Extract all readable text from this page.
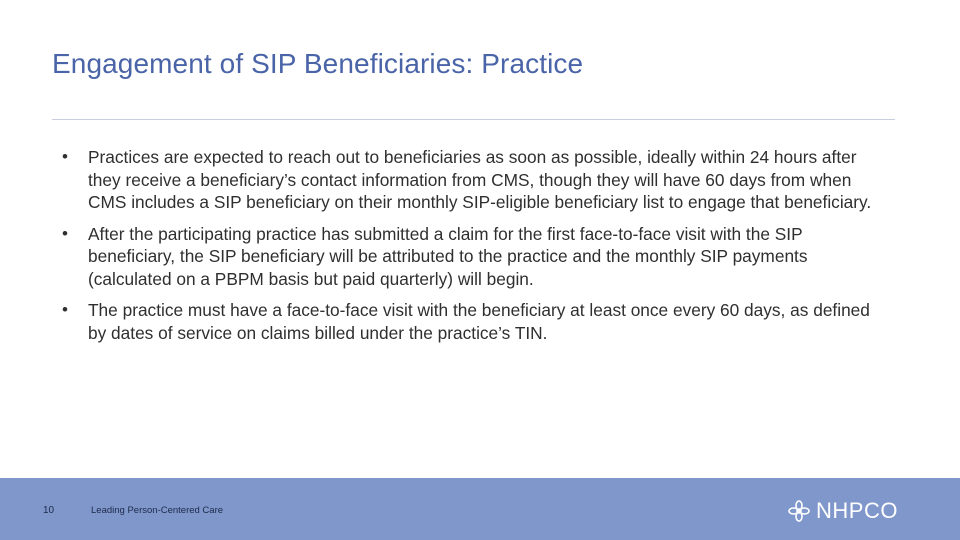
Engagement of SIP Beneficiaries: Practice
• Practices are expected to reach out to beneficiaries as soon as possible, ideally within 24 hours after they receive a beneficiary’s contact information from CMS, though they will have 60 days from when CMS includes a SIP beneficiary on their monthly SIP-eligible beneficiary list to engage that beneficiary.
• After the participating practice has submitted a claim for the first face-to-face visit with the SIP beneficiary, the SIP beneficiary will be attributed to the practice and the monthly SIP payments (calculated on a PBPM basis but paid quarterly) will begin.
• The practice must have a face-to-face visit with the beneficiary at least once every 60 days, as defined by dates of service on claims billed under the practice’s TIN.
10	Leading Person-Centered Care	NHPCO
